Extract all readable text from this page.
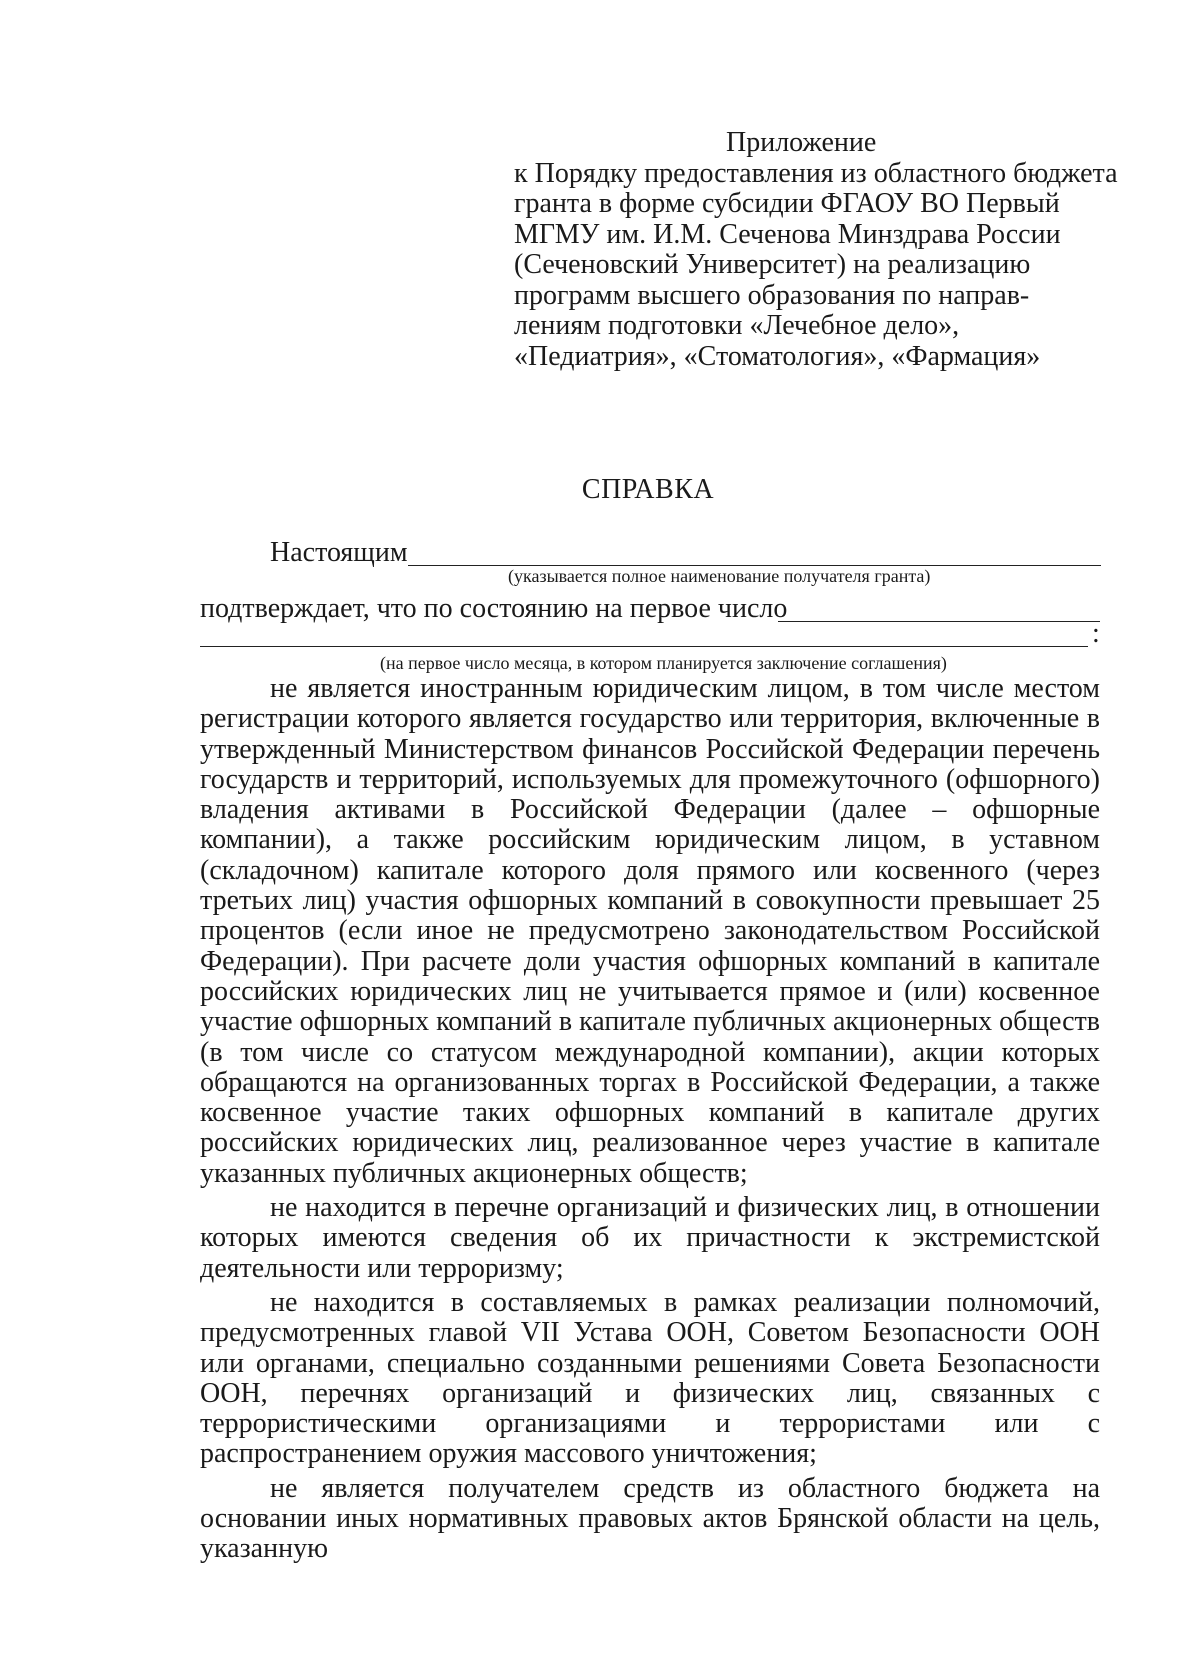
Приложение
к Порядку предоставления из областного бюджета
гранта в форме субсидии ФГАОУ ВО Первый
МГМУ им. И.М. Сеченова Минздрава России
(Сеченовский Университет) на реализацию
программ высшего образования по направ-
лениям подготовки «Лечебное дело»,
«Педиатрия», «Стоматология», «Фармация»
СПРАВКА
Настоящим
(указывается полное наименование получателя гранта)
подтверждает, что по состоянию на первое число
:
(на первое число месяца, в котором планируется заключение соглашения)

не является иностранным юридическим лицом, в том числе местом регистрации которого является государство или территория, включенные в утвержденный Министерством финансов Российской Федерации перечень государств и территорий, используемых для промежуточного (офшорного) владения активами в Российской Федерации (далее – офшорные компании), а также российским юридическим лицом, в уставном (складочном) капитале которого доля прямого или косвенного (через третьих лиц) участия офшорных компаний в совокупности превышает 25 процентов (если иное не предусмотрено законодательством Российской Федерации). При расчете доли участия офшорных компаний в капитале российских юридических лиц не учитывается прямое и (или) косвенное участие офшорных компаний в капитале публичных акционерных обществ (в том числе со статусом международной компании), акции которых обращаются на организованных торгах в Российской Федерации, а также косвенное участие таких офшорных компаний в капитале других российских юридических лиц, реализованное через участие в капитале указанных публичных акционерных обществ;

не находится в перечне организаций и физических лиц, в отношении которых имеются сведения об их причастности к экстремистской деятельности или терроризму;

не находится в составляемых в рамках реализации полномочий, предусмотренных главой VII Устава ООН, Советом Безопасности ООН или органами, специально созданными решениями Совета Безопасности ООН, перечнях организаций и физических лиц, связанных с террористическими организациями и террористами или с распространением оружия массового уничтожения;

не является получателем средств из областного бюджета на основании иных нормативных правовых актов Брянской области на цель, указанную
